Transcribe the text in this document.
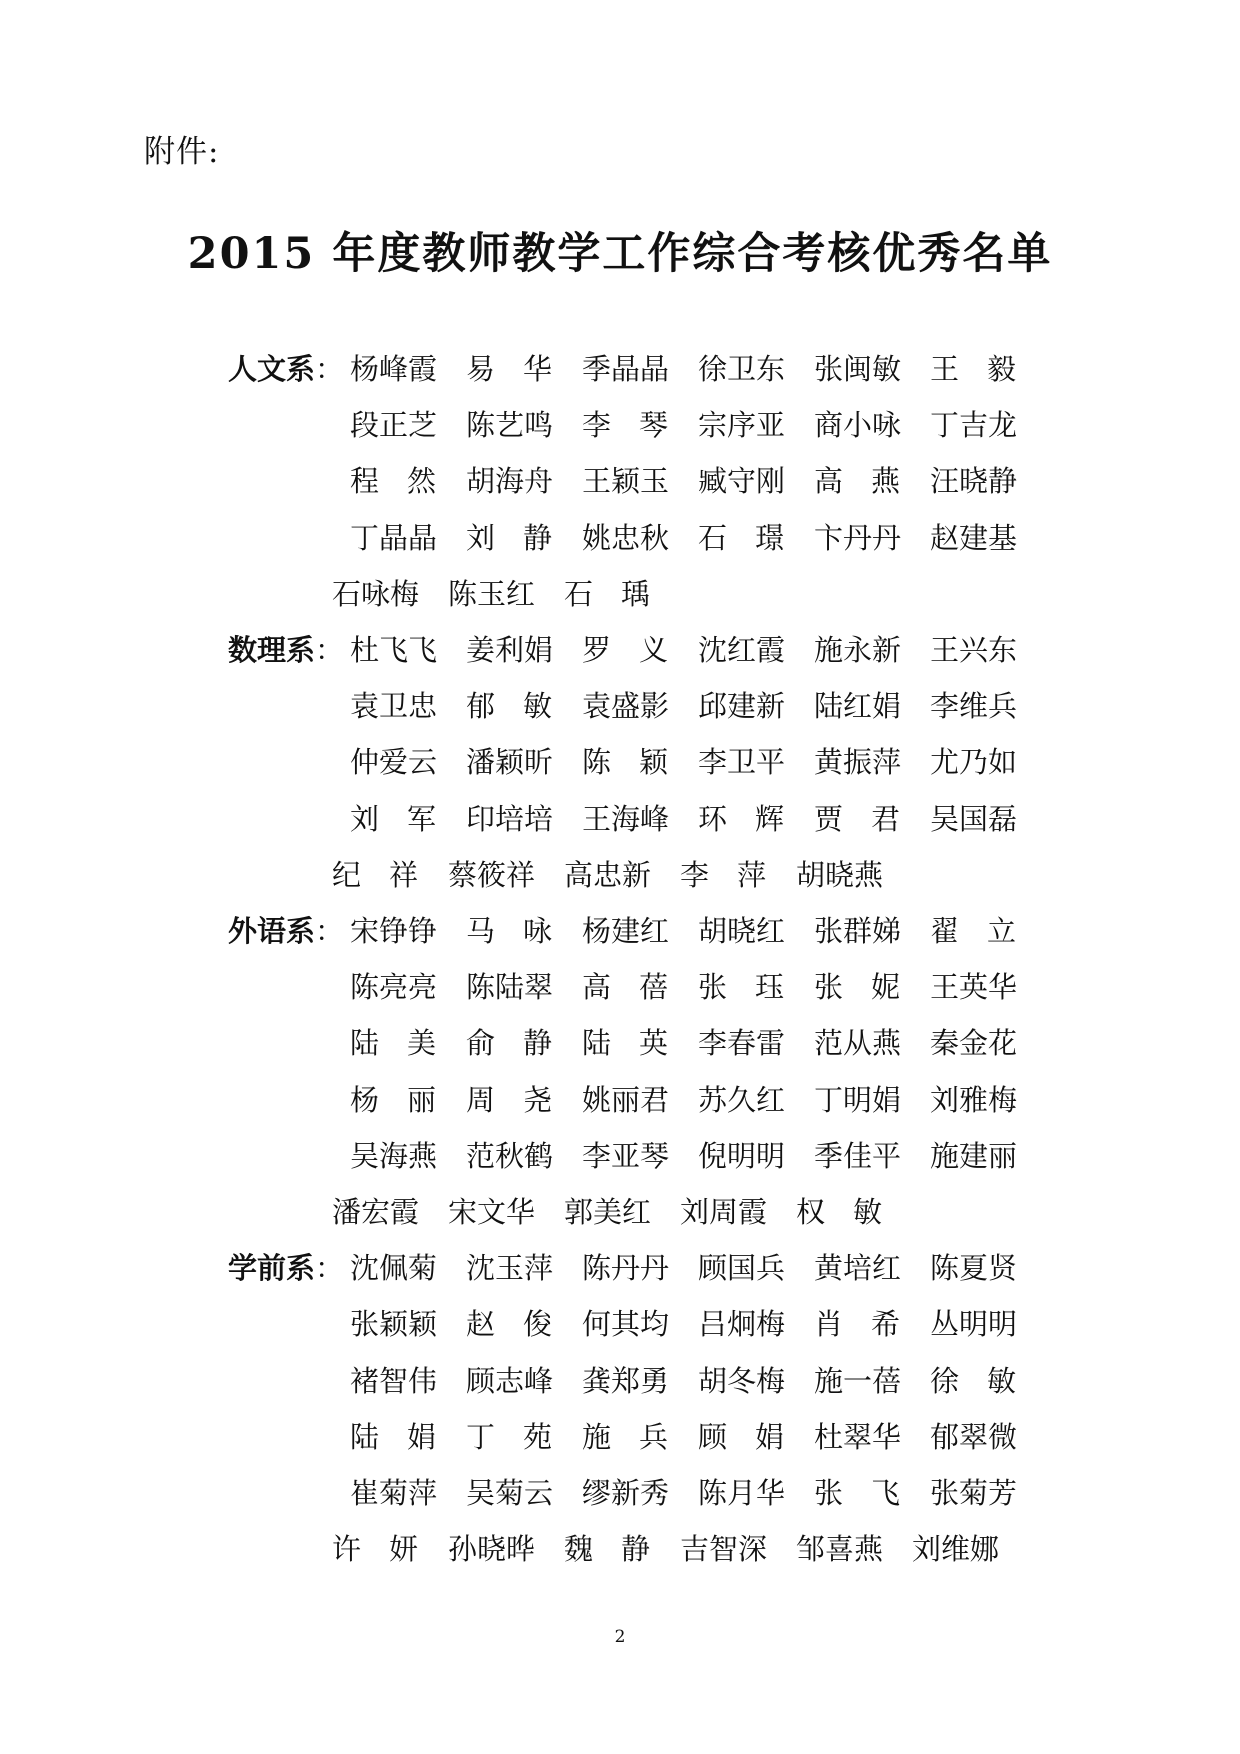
附件:
2015 年度教师教学工作综合考核优秀名单
人文系： 杨峰霞 易华 季晶晶 徐卫东 张闽敏 王毅
段正芝 陈艺鸣 李琴 宗序亚 商小咏 丁吉龙
程然 胡海舟 王颖玉 臧守刚 高燕 汪晓静
丁晶晶 刘静 姚忠秋 石璟 卞丹丹 赵建基
石咏梅 陈玉红 石瑀
数理系： 杜飞飞 姜利娟 罗义 沈红霞 施永新 王兴东
袁卫忠 郁敏 袁盛影 邱建新 陆红娟 李维兵
仲爱云 潘颖昕 陈颖 李卫平 黄振萍 尤乃如
刘军 印培培 王海峰 环辉 贾君 吴国磊
纪祥 蔡筱祥 高忠新 李萍 胡晓燕
外语系： 宋铮铮 马咏 杨建红 胡晓红 张群娣 翟立
陈亮亮 陈陆翠 高蓓 张珏 张妮 王英华
陆美 俞静 陆英 李春雷 范从燕 秦金花
杨丽 周尧 姚丽君 苏久红 丁明娟 刘雅梅
吴海燕 范秋鹤 李亚琴 倪明明 季佳平 施建丽
潘宏霞 宋文华 郭美红 刘周霞 权敏
学前系： 沈佩菊 沈玉萍 陈丹丹 顾国兵 黄培红 陈夏贤
张颖颖 赵俊 何其均 吕炯梅 肖希 丛明明
褚智伟 顾志峰 龚郑勇 胡冬梅 施一蓓 徐敏
陆娟 丁苑 施兵 顾娟 杜翠华 郁翠微
崔菊萍 吴菊云 缪新秀 陈月华 张飞 张菊芳
许妍 孙晓晔 魏静 吉智深 邹喜燕 刘维娜
2
